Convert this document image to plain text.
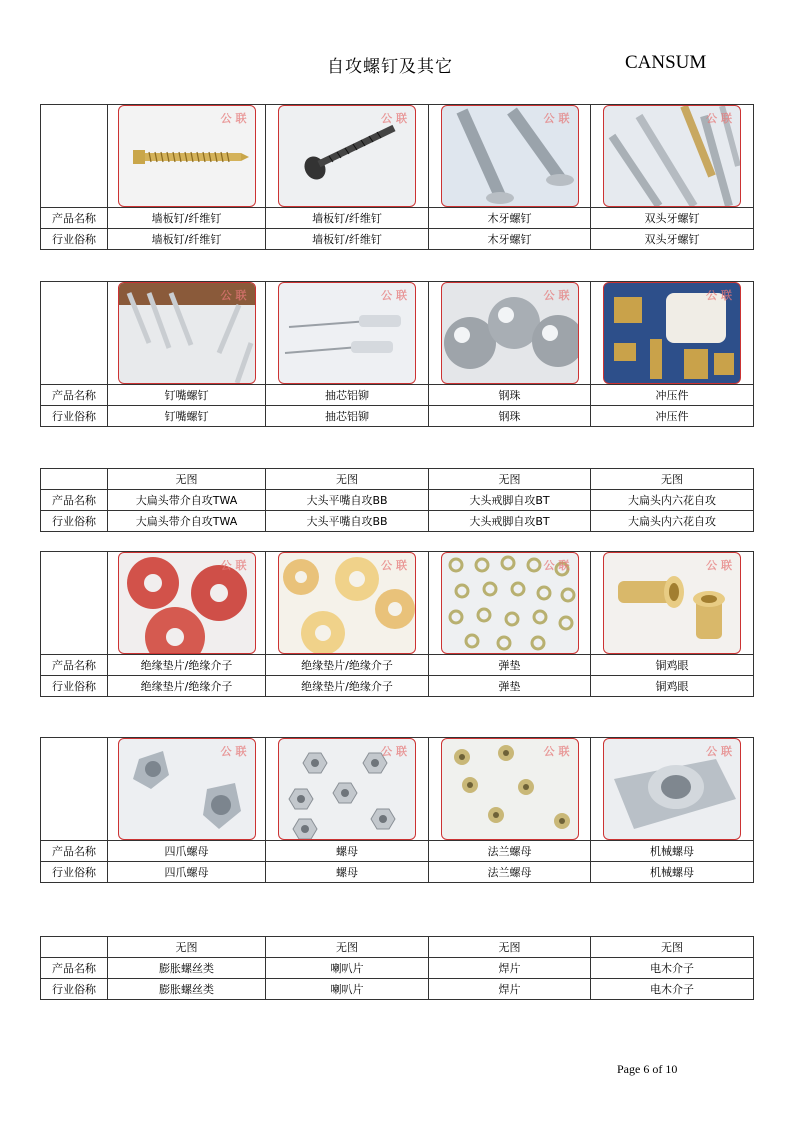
自攻螺钉及其它	CANSUM

	公 联	公 联	公 联	公 联

产品名称	墙板钉/纤维钉	墙板钉/纤维钉	木牙螺钉	双头牙螺钉
行业俗称	墙板钉/纤维钉	墙板钉/纤维钉	木牙螺钉	双头牙螺钉

	公 联	公 联	公 联	公 联

产品名称	钉嘴螺钉	抽芯铝铆	钢珠	冲压件
行业俗称	钉嘴螺钉	抽芯铝铆	钢珠	冲压件
	无图	无图	无图	无图
产品名称	大扁头带介自攻TWA	大头平嘴自攻BB	大头戒脚自攻BT	大扁头内六花自攻
行业俗称	大扁头带介自攻TWA	大头平嘴自攻BB	大头戒脚自攻BT	大扁头内六花自攻

	公 联	公 联	公 联	公 联

产品名称	绝缘垫片/绝缘介子	绝缘垫片/绝缘介子	弹垫	铜鸡眼
行业俗称	绝缘垫片/绝缘介子	绝缘垫片/绝缘介子	弹垫	铜鸡眼

	公 联	公 联	公 联	公 联

产品名称	四爪螺母	螺母	法兰螺母	机械螺母
行业俗称	四爪螺母	螺母	法兰螺母	机械螺母
	无图	无图	无图	无图
产品名称	膨胀螺丝类	喇叭片	焊片	电木介子
行业俗称	膨胀螺丝类	喇叭片	焊片	电木介子
Page 6 of 10
